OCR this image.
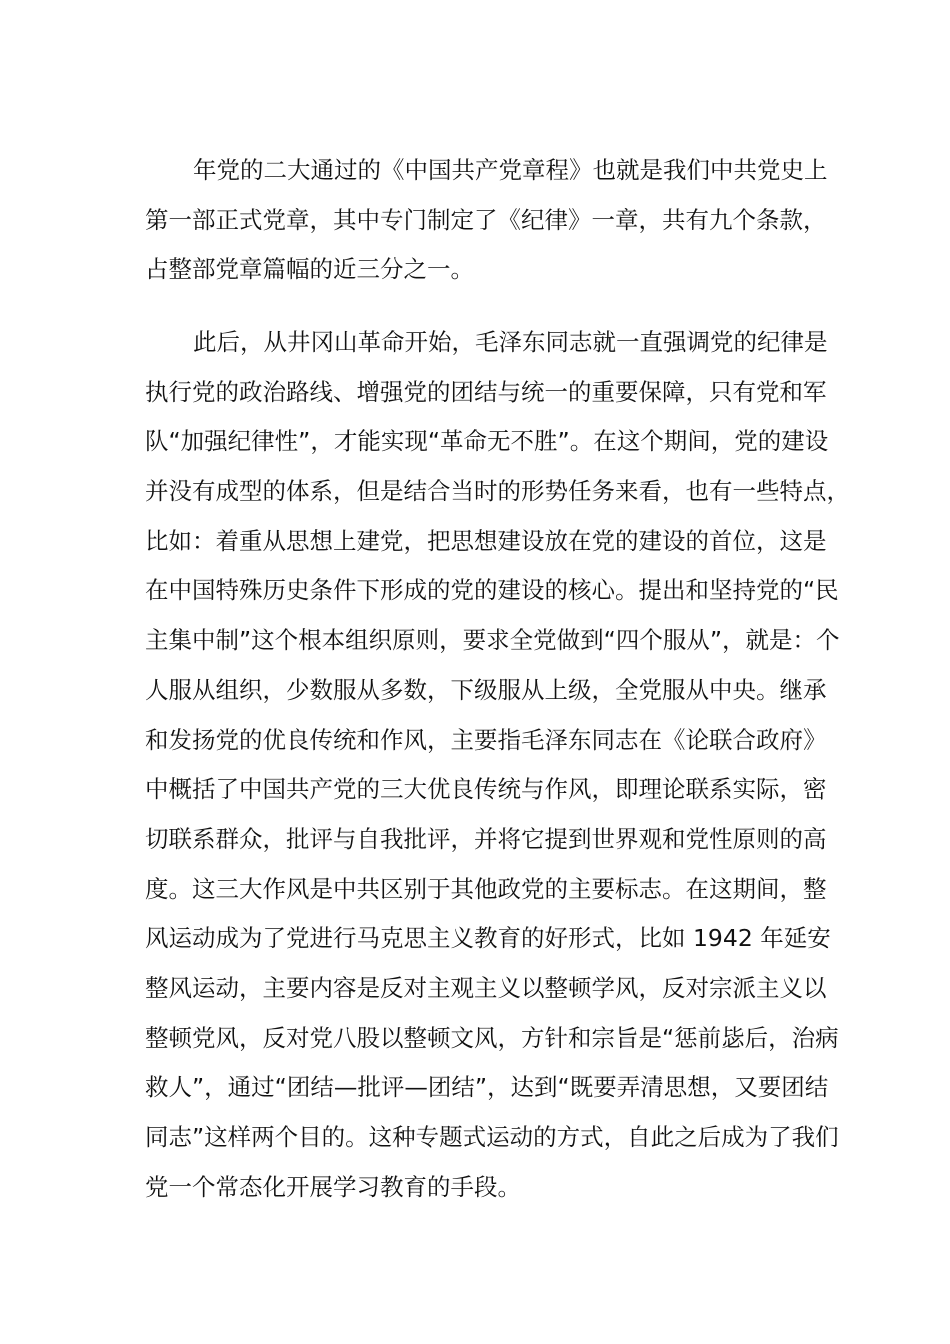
年党的二大通过的《中国共产党章程》也就是我们中共党史上
第一部正式党章，其中专门制定了《纪律》一章，共有九个条款，
占整部党章篇幅的近三分之一。
此后，从井冈山革命开始，毛泽东同志就一直强调党的纪律是
执行党的政治路线、增强党的团结与统一的重要保障，只有党和军
队“加强纪律性”，才能实现“革命无不胜”。在这个期间，党的建设
并没有成型的体系，但是结合当时的形势任务来看，也有一些特点，
比如：着重从思想上建党，把思想建设放在党的建设的首位，这是
在中国特殊历史条件下形成的党的建设的核心。提出和坚持党的“民
主集中制”这个根本组织原则，要求全党做到“四个服从”，就是：个
人服从组织，少数服从多数，下级服从上级，全党服从中央。继承
和发扬党的优良传统和作风，主要指毛泽东同志在《论联合政府》
中概括了中国共产党的三大优良传统与作风，即理论联系实际，密
切联系群众，批评与自我批评，并将它提到世界观和党性原则的高
度。这三大作风是中共区别于其他政党的主要标志。在这期间，整
风运动成为了党进行马克思主义教育的好形式，比如 1942 年延安
整风运动，主要内容是反对主观主义以整顿学风，反对宗派主义以
整顿党风，反对党八股以整顿文风，方针和宗旨是“惩前毖后，治病
救人”，通过“团结—批评—团结”，达到“既要弄清思想，又要团结
同志”这样两个目的。这种专题式运动的方式，自此之后成为了我们
党一个常态化开展学习教育的手段。
